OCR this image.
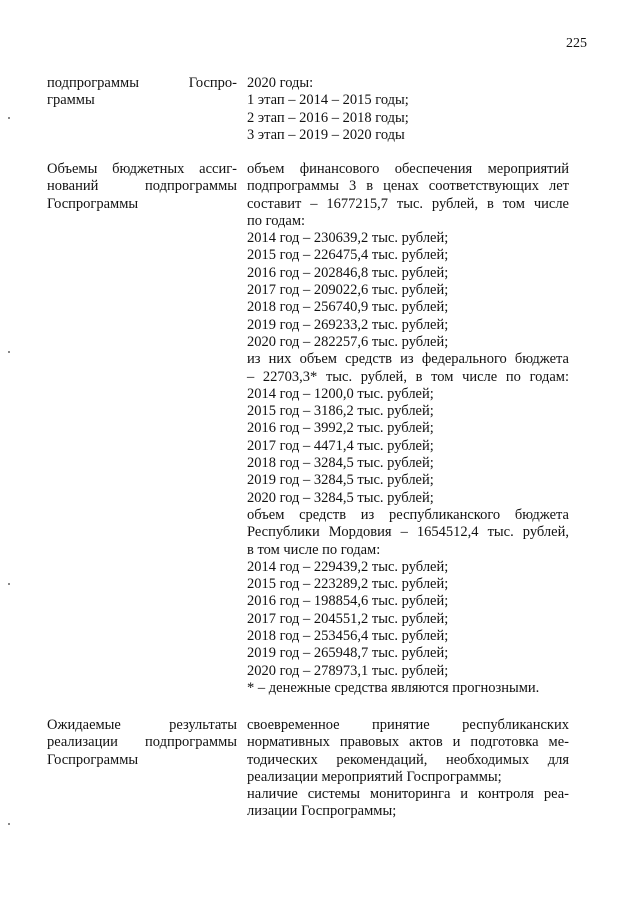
225
подпрограммы Госпро-
граммы
2020 годы:
1 этап – 2014 – 2015 годы;
2 этап – 2016 – 2018 годы;
3 этап – 2019 – 2020 годы
Объемы бюджетных ассиг-
нований подпрограммы
Госпрограммы
объем финансового обеспечения мероприятий
подпрограммы 3 в ценах соответствующих лет
составит – 1677215,7 тыс. рублей, в том числе
по годам:
2014 год – 230639,2 тыс. рублей;
2015 год – 226475,4 тыс. рублей;
2016 год – 202846,8 тыс. рублей;
2017 год – 209022,6 тыс. рублей;
2018 год – 256740,9 тыс. рублей;
2019 год – 269233,2 тыс. рублей;
2020 год – 282257,6 тыс. рублей;
из них объем средств из федерального бюджета
– 22703,3* тыс. рублей, в том числе по годам:
2014 год – 1200,0 тыс. рублей;
2015 год – 3186,2 тыс. рублей;
2016 год – 3992,2 тыс. рублей;
2017 год – 4471,4 тыс. рублей;
2018 год – 3284,5 тыс. рублей;
2019 год – 3284,5 тыс. рублей;
2020 год – 3284,5 тыс. рублей;
объем средств из республиканского бюджета
Республики Мордовия – 1654512,4 тыс. рублей,
в том числе по годам:
2014 год – 229439,2 тыс. рублей;
2015 год – 223289,2 тыс. рублей;
2016 год – 198854,6 тыс. рублей;
2017 год – 204551,2 тыс. рублей;
2018 год – 253456,4 тыс. рублей;
2019 год – 265948,7 тыс. рублей;
2020 год – 278973,1 тыс. рублей;
* – денежные средства являются прогнозными.
Ожидаемые результаты
реализации подпрограммы
Госпрограммы
своевременное принятие республиканских
нормативных правовых актов и подготовка ме-
тодических рекомендаций, необходимых для
реализации мероприятий Госпрограммы;
наличие системы мониторинга и контроля реа-
лизации Госпрограммы;
